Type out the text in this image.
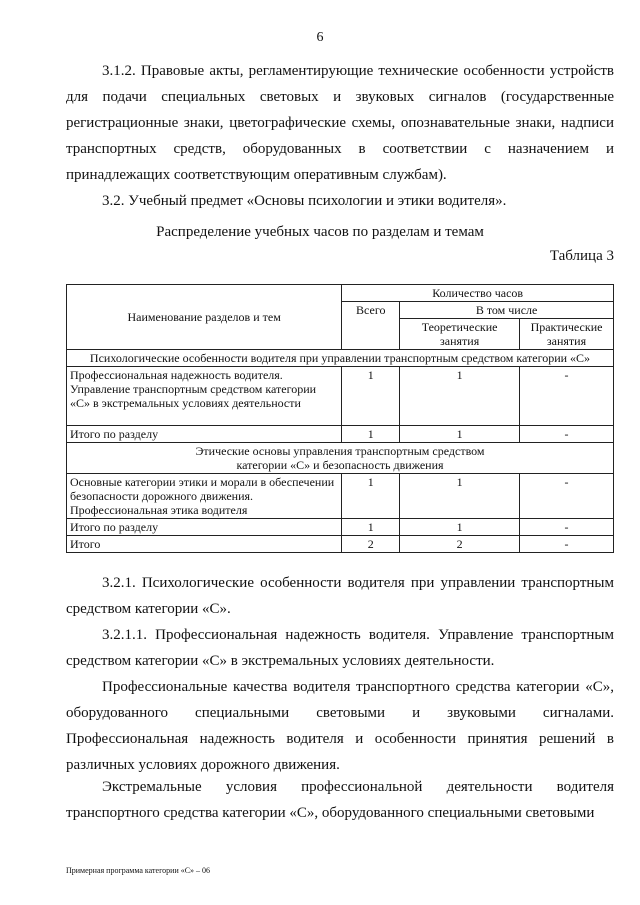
6
3.1.2. Правовые акты, регламентирующие технические особенности устройств для подачи специальных световых и звуковых сигналов (государственные регистрационные знаки, цветографические схемы, опознавательные знаки, надписи транспортных средств, оборудованных в соответствии с назначением и принадлежащих соответствующим оперативным службам).
3.2. Учебный предмет «Основы психологии и этики водителя».
Распределение учебных часов по разделам и темам
Таблица 3
Наименование разделов и тем	Количество часов		
	Всего	В том числе	
		Теоретические занятия	Практические занятия
Психологические особенности водителя при управлении транспортным средством категории «С»			
Профессиональная надежность водителя. Управление транспортным средством категории «С» в экстремальных условиях деятельности	1	1	-
Итого по разделу	1	1	-
Этические основы управления транспортным средством категории «С» и безопасность движения			
Основные категории этики и морали в обеспечении безопасности дорожного движения. Профессиональная этика водителя	1	1	-
Итого по разделу	1	1	-
Итого	2	2	-
3.2.1. Психологические особенности водителя при управлении транспортным средством категории «С».
3.2.1.1. Профессиональная надежность водителя. Управление транспортным средством категории «С» в экстремальных условиях деятельности.
Профессиональные качества водителя транспортного средства категории «С», оборудованного специальными световыми и звуковыми сигналами. Профессиональная надежность водителя и особенности принятия решений в различных условиях дорожного движения.
Экстремальные условия профессиональной деятельности водителя транспортного средства категории «С», оборудованного специальными световыми
Примерная программа категории «С» – 06
